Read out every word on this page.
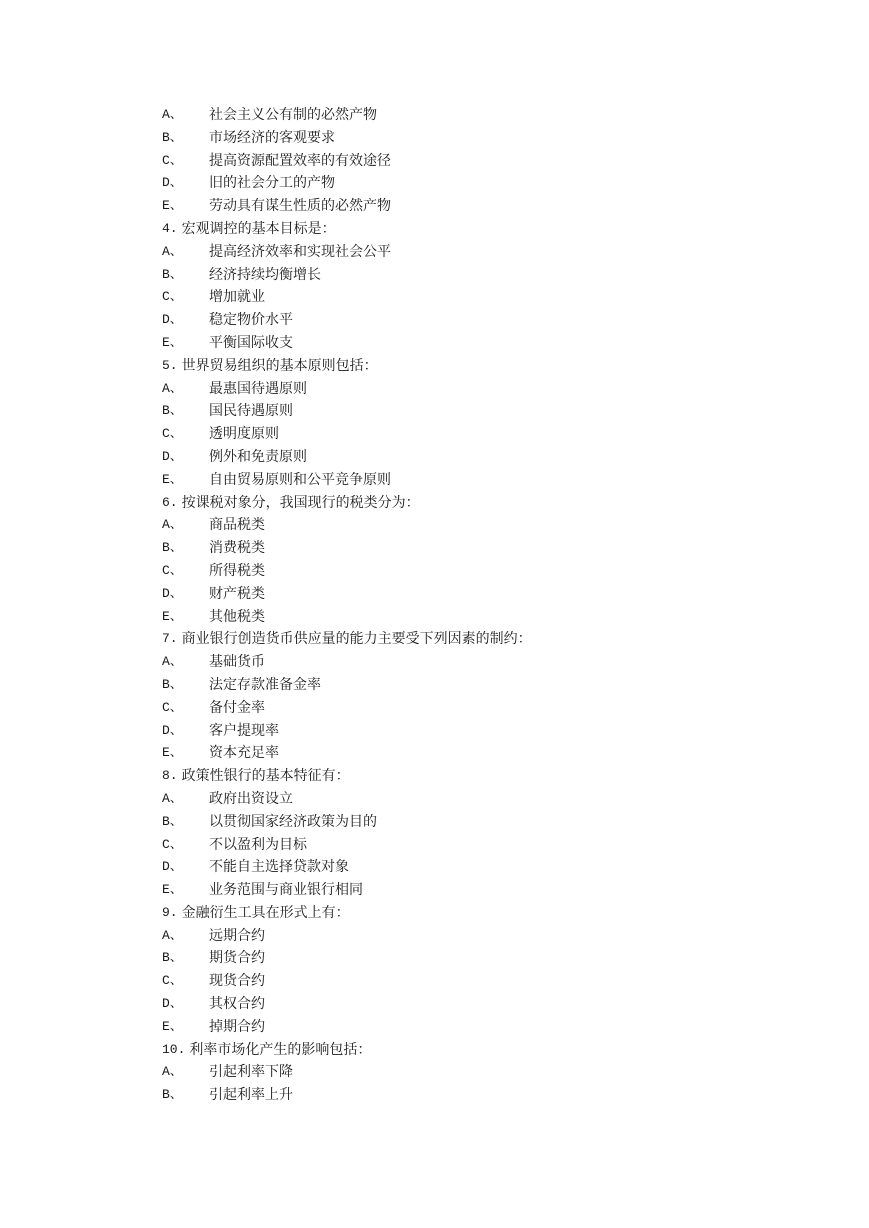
A、	社会主义公有制的必然产物
B、	市场经济的客观要求
C、	提高资源配置效率的有效途径
D、	旧的社会分工的产物
E、	劳动具有谋生性质的必然产物
4. 宏观调控的基本目标是：
A、	提高经济效率和实现社会公平
B、	经济持续均衡增长
C、	增加就业
D、	稳定物价水平
E、	平衡国际收支
5. 世界贸易组织的基本原则包括：
A、	最惠国待遇原则
B、	国民待遇原则
C、	透明度原则
D、	例外和免责原则
E、	自由贸易原则和公平竞争原则
6. 按课税对象分，我国现行的税类分为：
A、	商品税类
B、	消费税类
C、	所得税类
D、	财产税类
E、	其他税类
7. 商业银行创造货币供应量的能力主要受下列因素的制约：
A、	基础货币
B、	法定存款准备金率
C、	备付金率
D、	客户提现率
E、	资本充足率
8. 政策性银行的基本特征有：
A、	政府出资设立
B、	以贯彻国家经济政策为目的
C、	不以盈利为目标
D、	不能自主选择贷款对象
E、	业务范围与商业银行相同
9. 金融衍生工具在形式上有：
A、	远期合约
B、	期货合约
C、	现货合约
D、	其权合约
E、	掉期合约
10. 利率市场化产生的影响包括：
A、	引起利率下降
B、	引起利率上升
